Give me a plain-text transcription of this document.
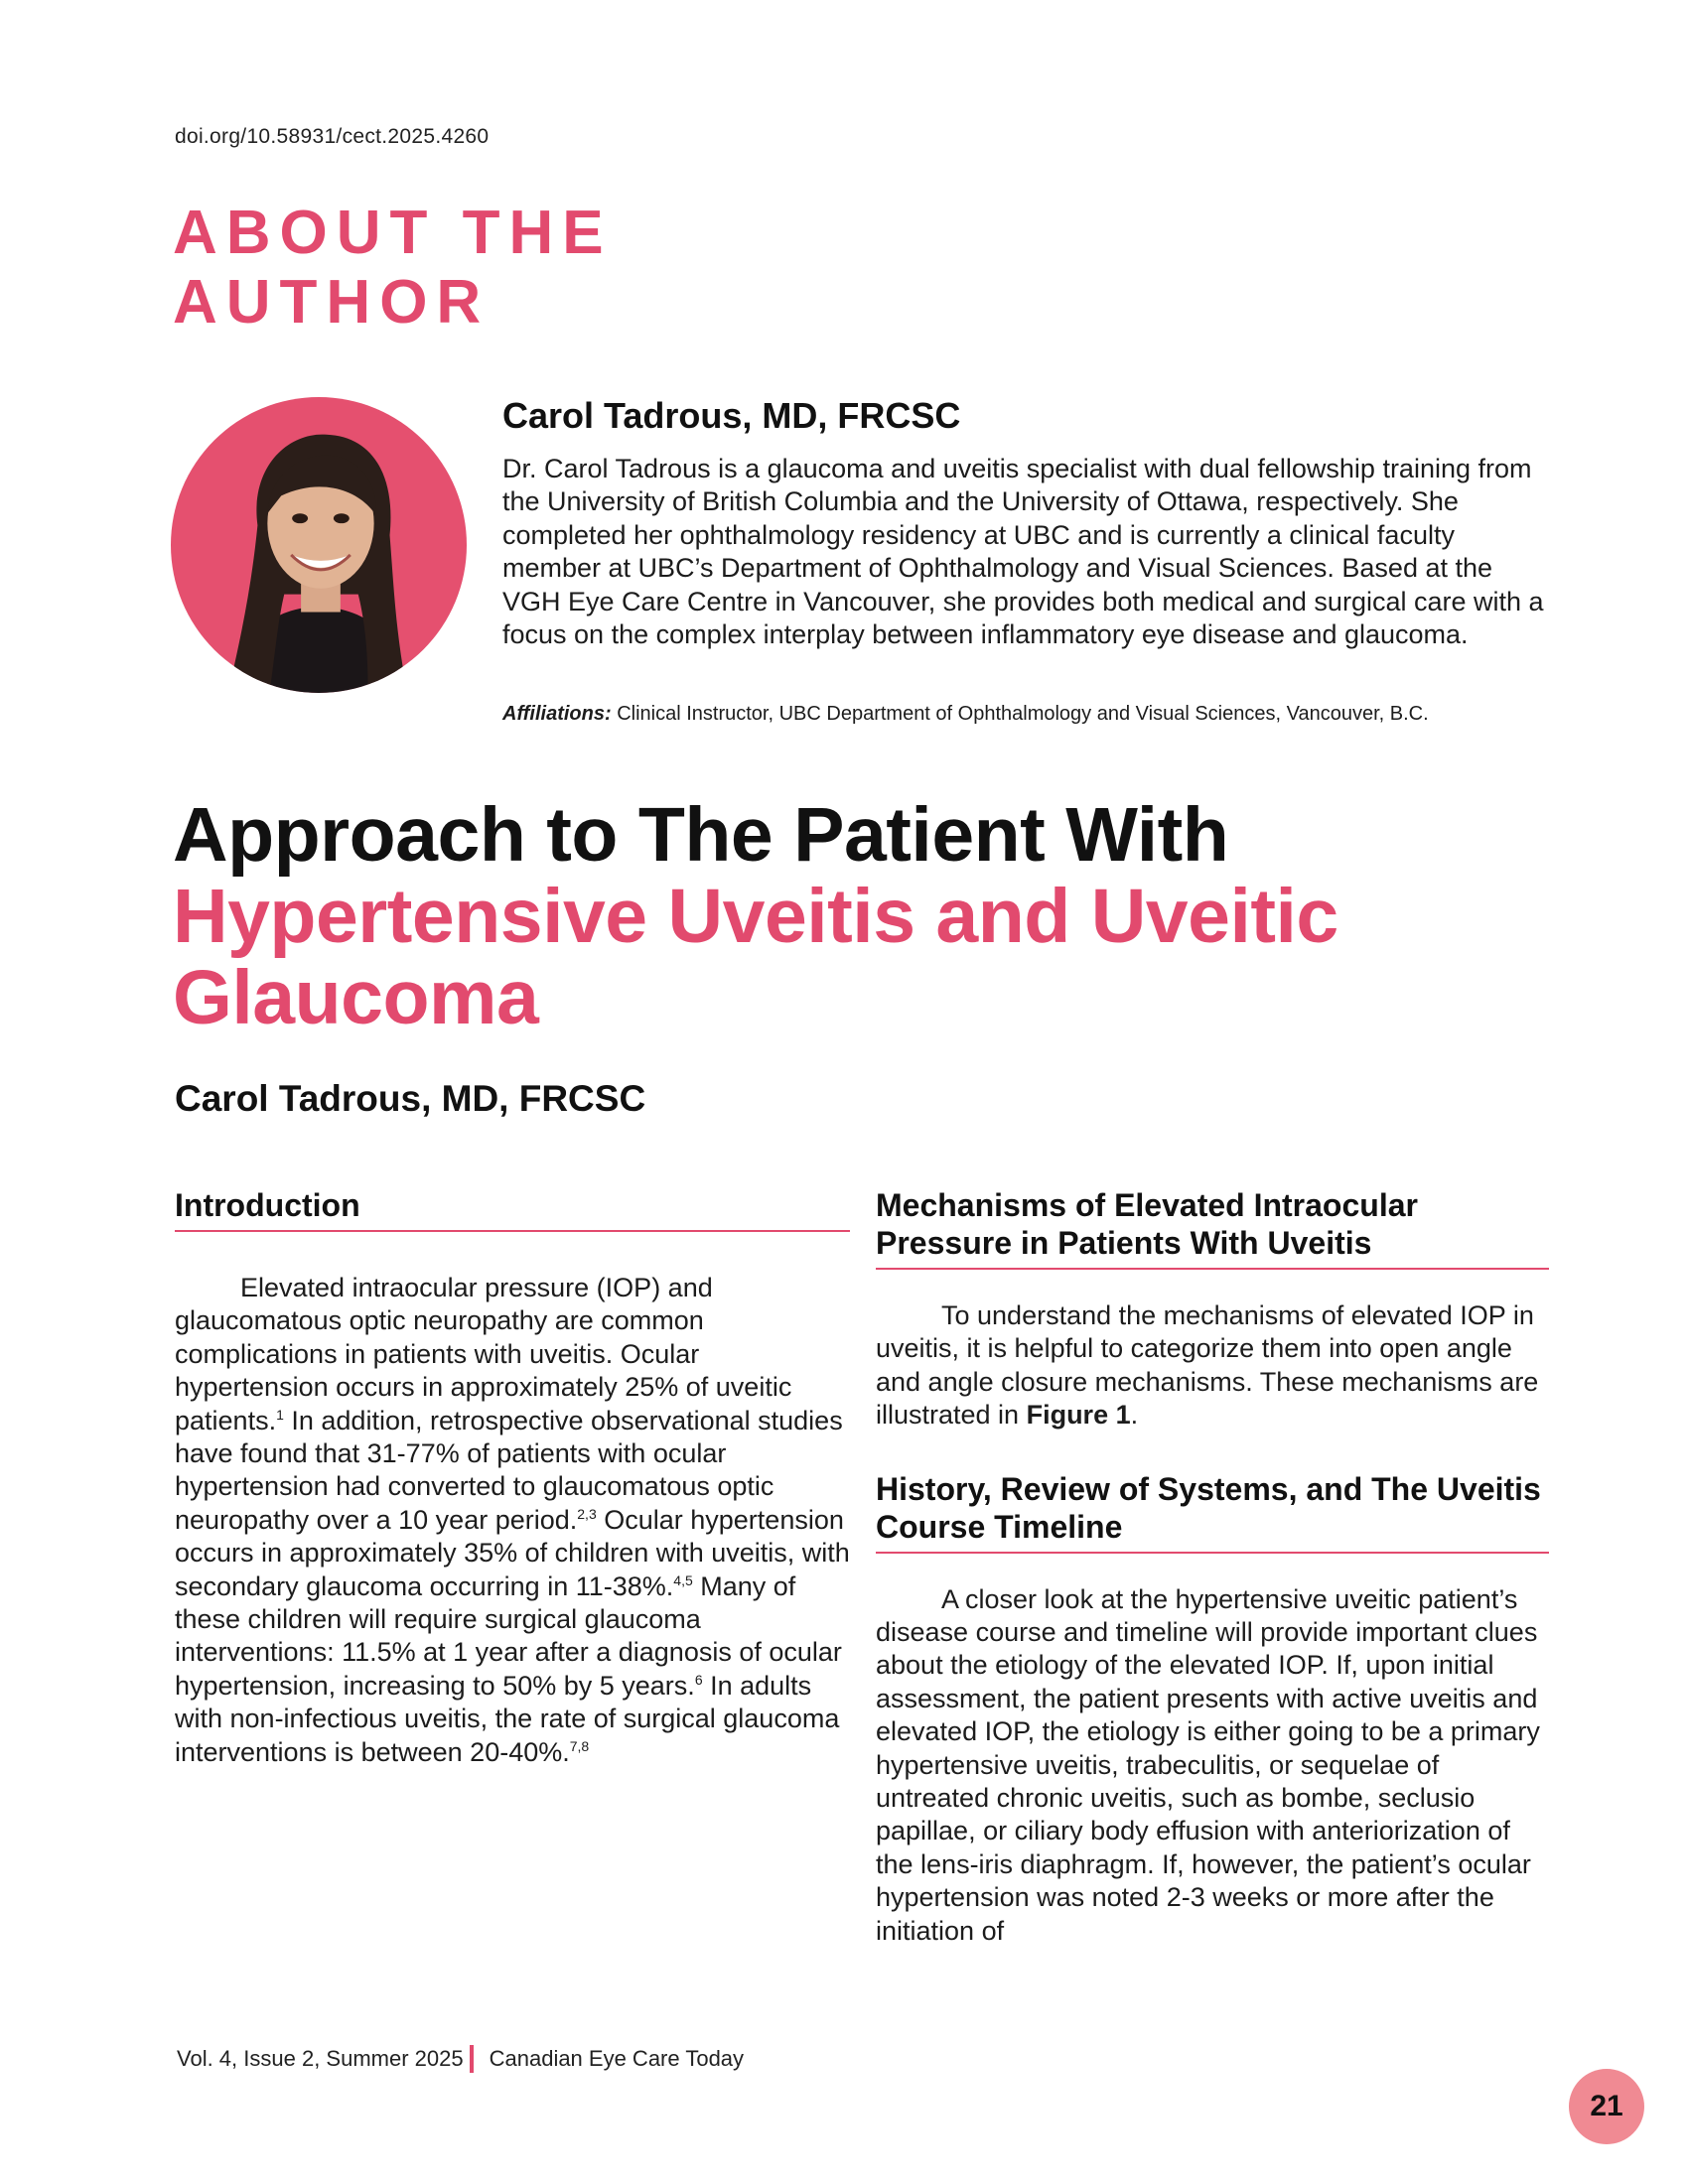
doi.org/10.58931/cect.2025.4260
ABOUT THE
AUTHOR
Carol Tadrous, MD, FRCSC

Dr. Carol Tadrous is a glaucoma and uveitis specialist with dual fellowship training from the University of British Columbia and the University of Ottawa, respectively. She completed her ophthalmology residency at UBC and is currently a clinical faculty member at UBC’s Department of Ophthalmology and Visual Sciences. Based at the VGH Eye Care Centre in Vancouver, she provides both medical and surgical care with a focus on the complex interplay between inflammatory eye disease and glaucoma.

Affiliations: Clinical Instructor, UBC Department of Ophthalmology and Visual Sciences, Vancouver, B.C.

Approach to The Patient With
Hypertensive Uveitis and Uveitic Glaucoma
Carol Tadrous, MD, FRCSC
Introduction

Elevated intraocular pressure (IOP) and glaucomatous optic neuropathy are common complications in patients with uveitis. Ocular hypertension occurs in approximately 25% of uveitic patients.$^1$ In addition, retrospective observational studies have found that 31-77% of patients with ocular hypertension had converted to glaucomatous optic neuropathy over a 10 year period.$^{2,3}$ Ocular hypertension occurs in approximately 35% of children with uveitis, with secondary glaucoma occurring in 11-38%.$^{4,5}$ Many of these children will require surgical glaucoma interventions: 11.5% at 1 year after a diagnosis of ocular hypertension, increasing to 50% by 5 years.$^6$ In adults with non-infectious uveitis, the rate of surgical glaucoma interventions is between 20-40%.$^{7,8}$

Mechanisms of Elevated Intraocular Pressure in Patients With Uveitis

To understand the mechanisms of elevated IOP in uveitis, it is helpful to categorize them into open angle and angle closure mechanisms. These mechanisms are illustrated in Figure 1.

History, Review of Systems, and The Uveitis Course Timeline

A closer look at the hypertensive uveitic patient’s disease course and timeline will provide important clues about the etiology of the elevated IOP. If, upon initial assessment, the patient presents with active uveitis and elevated IOP, the etiology is either going to be a primary hypertensive uveitis, trabeculitis, or sequelae of untreated chronic uveitis, such as bombe, seclusio papillae, or ciliary body effusion with anteriorization of the lens-iris diaphragm. If, however, the patient’s ocular hypertension was noted 2-3 weeks or more after the initiation of

Vol. 4, Issue 2, Summer 2025 Canadian Eye Care Today
21
